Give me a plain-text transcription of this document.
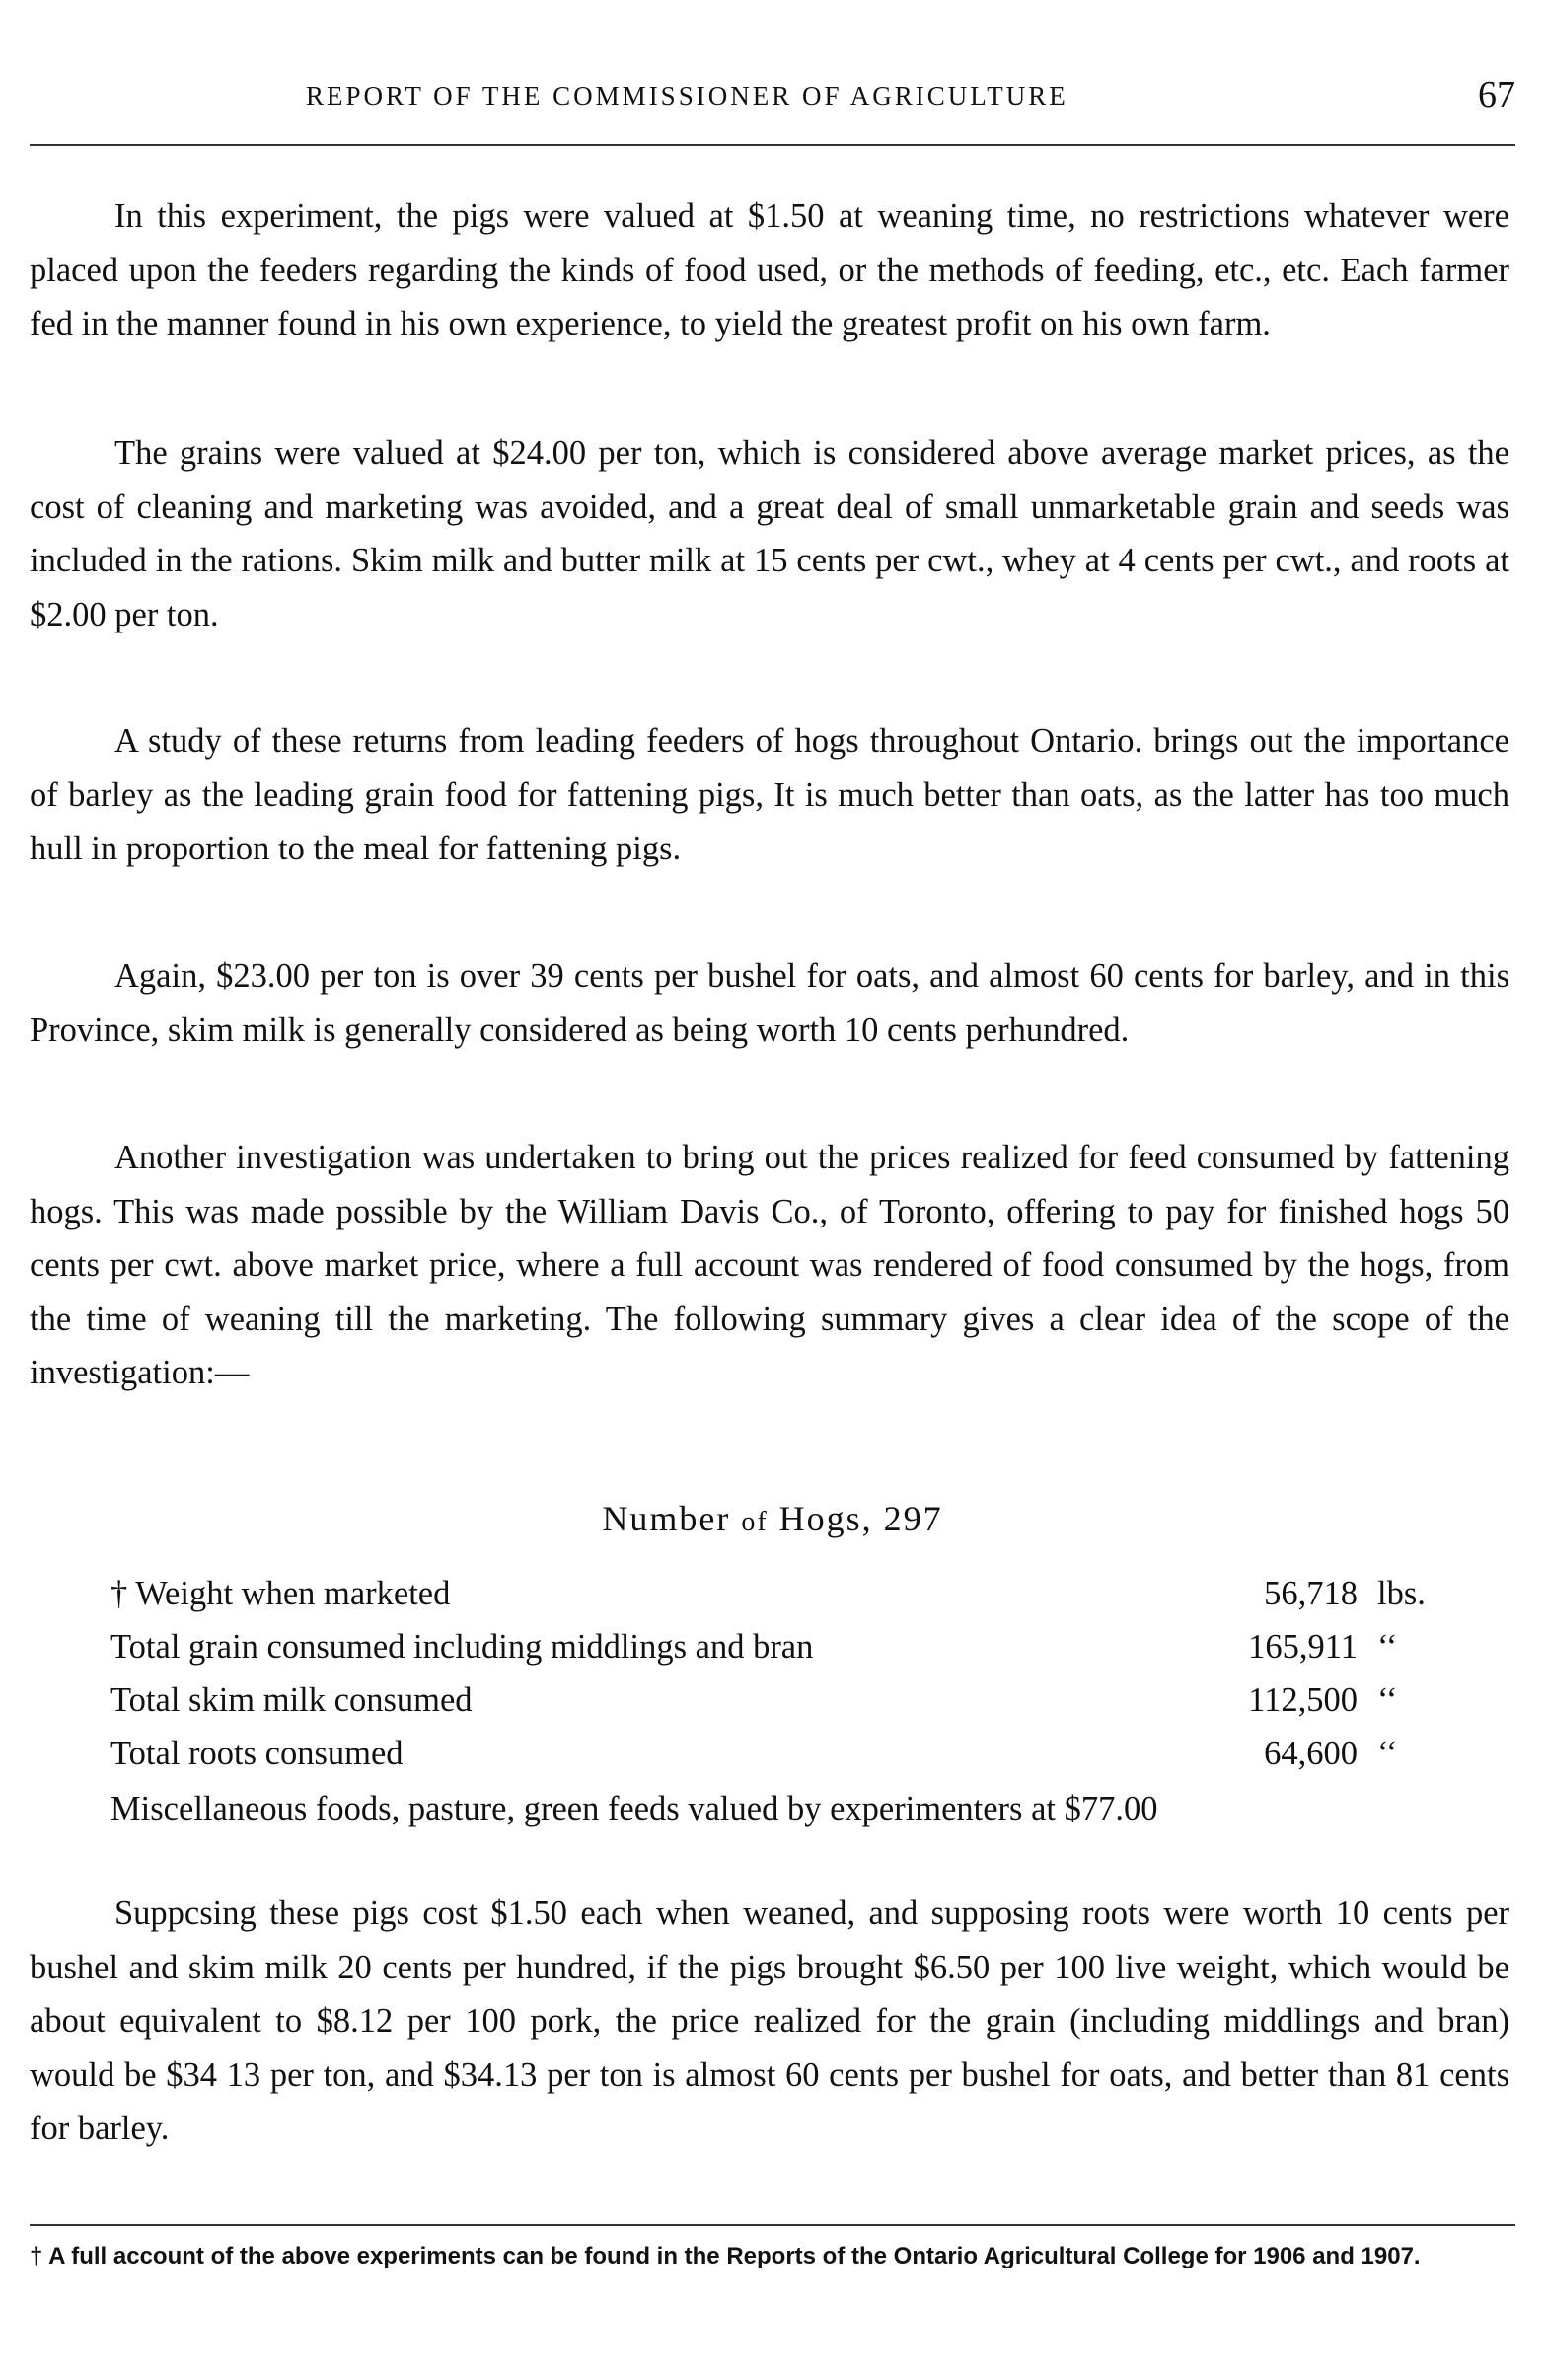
REPORT OF THE COMMISSIONER OF AGRICULTURE	67

In this experiment, the pigs were valued at $1.50 at weaning time, no restrictions whatever were placed upon the feeders regarding the kinds of food used, or the methods of feeding, etc., etc. Each farmer fed in the manner found in his own experience, to yield the greatest profit on his own farm.

The grains were valued at $24.00 per ton, which is considered above average market prices, as the cost of cleaning and marketing was avoided, and a great deal of small unmarketable grain and seeds was included in the rations. Skim milk and butter milk at 15 cents per cwt., whey at 4 cents per cwt., and roots at $2.00 per ton.

A study of these returns from leading feeders of hogs throughout Ontario. brings out the importance of barley as the leading grain food for fattening pigs, It is much better than oats, as the latter has too much hull in proportion to the meal for fattening pigs.

Again, $23.00 per ton is over 39 cents per bushel for oats, and almost 60 cents for barley, and in this Province, skim milk is generally considered as being worth 10 cents perhundred.

Another investigation was undertaken to bring out the prices realized for feed consumed by fattening hogs. This was made possible by the William Davis Co., of Toronto, offering to pay for finished hogs 50 cents per cwt. above market price, where a full account was rendered of food consumed by the hogs, from the time of weaning till the marketing. The following summary gives a clear idea of the scope of the investigation:—

Number of Hogs, 297
† Weight when marketed	56,718	lbs.
Total grain consumed including middlings and bran	165,911	‘‘
Total skim milk consumed	112,500	‘‘
Total roots consumed	64,600	‘‘
Miscellaneous foods, pasture, green feeds valued by experimenters at $77.00

Suppcsing these pigs cost $1.50 each when weaned, and supposing roots were worth 10 cents per bushel and skim milk 20 cents per hundred, if the pigs brought $6.50 per 100 live weight, which would be about equivalent to $8.12 per 100 pork, the price realized for the grain (including middlings and bran) would be $34 13 per ton, and $34.13 per ton is almost 60 cents per bushel for oats, and better than 81 cents for barley.

† A full account of the above experiments can be found in the Reports of the Ontario Agricultural College for 1906 and 1907.
